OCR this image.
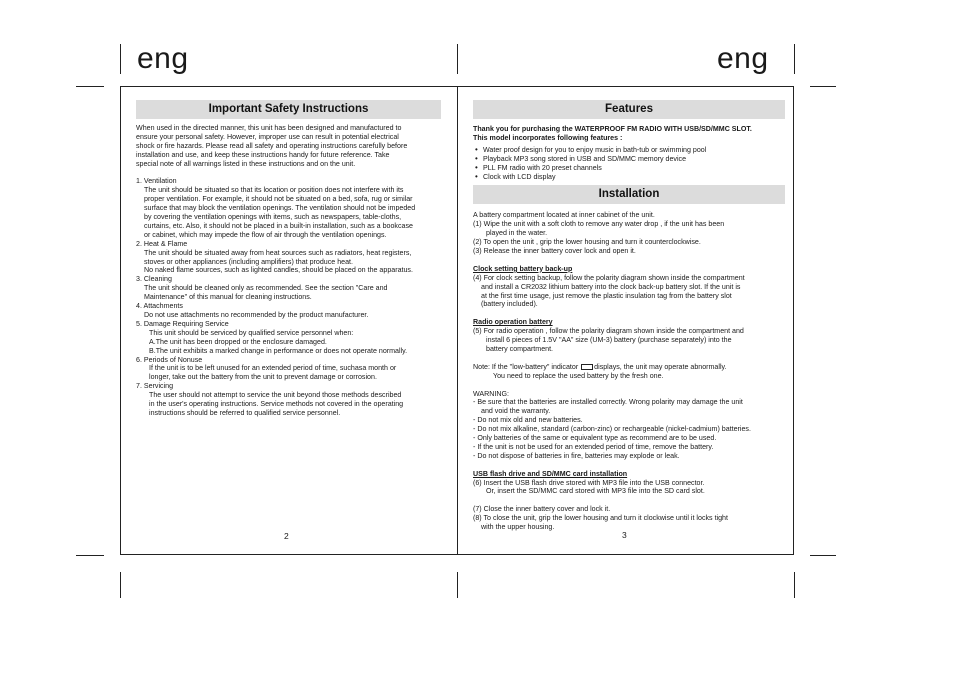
eng	eng
Important Safety Instructions

When used in the directed manner, this unit has been designed and manufactured to

ensure your personal safety. However, improper use can result in potential electrical

shock or fire hazards. Please read all safety and operating instructions carefully before

installation and use, and keep these instructions handy for future reference. Take

special note of all warnings listed in these instructions and on the unit.

1. Ventilation

The unit should be situated so that its location or position does not interfere with its

proper ventilation. For example, it should not be situated on a bed, sofa, rug or similar

surface that may block the ventilation openings. The ventilation should not be impeded

by covering the ventilation openings with items, such as newspapers, table-cloths,

curtains, etc. Also, it should not be placed in a built-in installation, such as a bookcase

or cabinet, which may impede the flow of air through the ventilation openings.

2. Heat & Flame

The unit should be situated away from heat sources such as radiators, heat registers,

stoves or other appliances (including amplifiers) that produce heat.

No naked flame sources, such as lighted candles, should be placed on the apparatus.

3. Cleaning

The unit should be cleaned only as recommended. See the section "Care and

Maintenance" of this manual for cleaning instructions.

4. Attachments

Do not use attachments no recommended by the product manufacturer.

5. Damage Requiring Service

This unit should be serviced by qualified service personnel when:

A.The unit has been dropped or the enclosure damaged.

B.The unit exhibits a marked change in performance or does not operate normally.

6. Periods of Nonuse

If the unit is to be left unused for an extended period of time, suchasa month or

longer, take out the battery from the unit to prevent damage or corrosion.

7. Servicing

The user should not attempt to service the unit beyond those methods described

in the user's operating instructions. Service methods not covered in the operating

instructions should be referred to qualified service personnel.

2
Features

Thank you for purchasing the WATERPROOF FM RADIO WITH USB/SD/MMC SLOT.

This model incorporates following features :

• Water proof design for you to enjoy music in bath-tub or swimming pool

• Playback MP3 song stored in USB and SD/MMC memory device

• PLL FM radio with 20 preset channels

• Clock with LCD display

Installation

A battery compartment located at inner cabinet of the unit.

(1) Wipe the unit with a soft cloth to remove any water drop , if the unit has been

played in the water.

(2) To open the unit , grip the lower housing and turn it counterclockwise.

(3) Release the inner battery cover lock and open it.

Clock setting battery back-up

(4) For clock setting backup, follow the polarity diagram shown inside the compartment

and install a CR2032 lithium battery into the clock back-up battery slot. If the unit is

at the first time usage, just remove the plastic insulation tag from the battery slot

(battery included).

Radio operation battery

(5) For radio operation , follow the polarity diagram shown inside the compartment and

install 6 pieces of 1.5V "AA" size (UM-3) battery (purchase separately) into the

battery compartment.

Note: If the "low-battery" indicator displays, the unit may operate abnormally.

You need to replace the used battery by the fresh one.

WARNING:

- Be sure that the batteries are installed correctly. Wrong polarity may damage the unit

and void the warranty.

- Do not mix old and new batteries.

- Do not mix alkaline, standard (carbon-zinc) or rechargeable (nickel-cadmium) batteries.

- Only batteries of the same or equivalent type as recommend are to be used.

- If the unit is not be used for an extended period of time, remove the battery.

- Do not dispose of batteries in fire, batteries may explode or leak.

USB flash drive and SD/MMC card installation

(6) Insert the USB flash drive stored with MP3 file into the USB connector.

Or, insert the SD/MMC card stored with MP3 file into the SD card slot.

(7) Close the inner battery cover and lock it.

(8) To close the unit, grip the lower housing and turn it clockwise until it locks tight

with the upper housing.

3
